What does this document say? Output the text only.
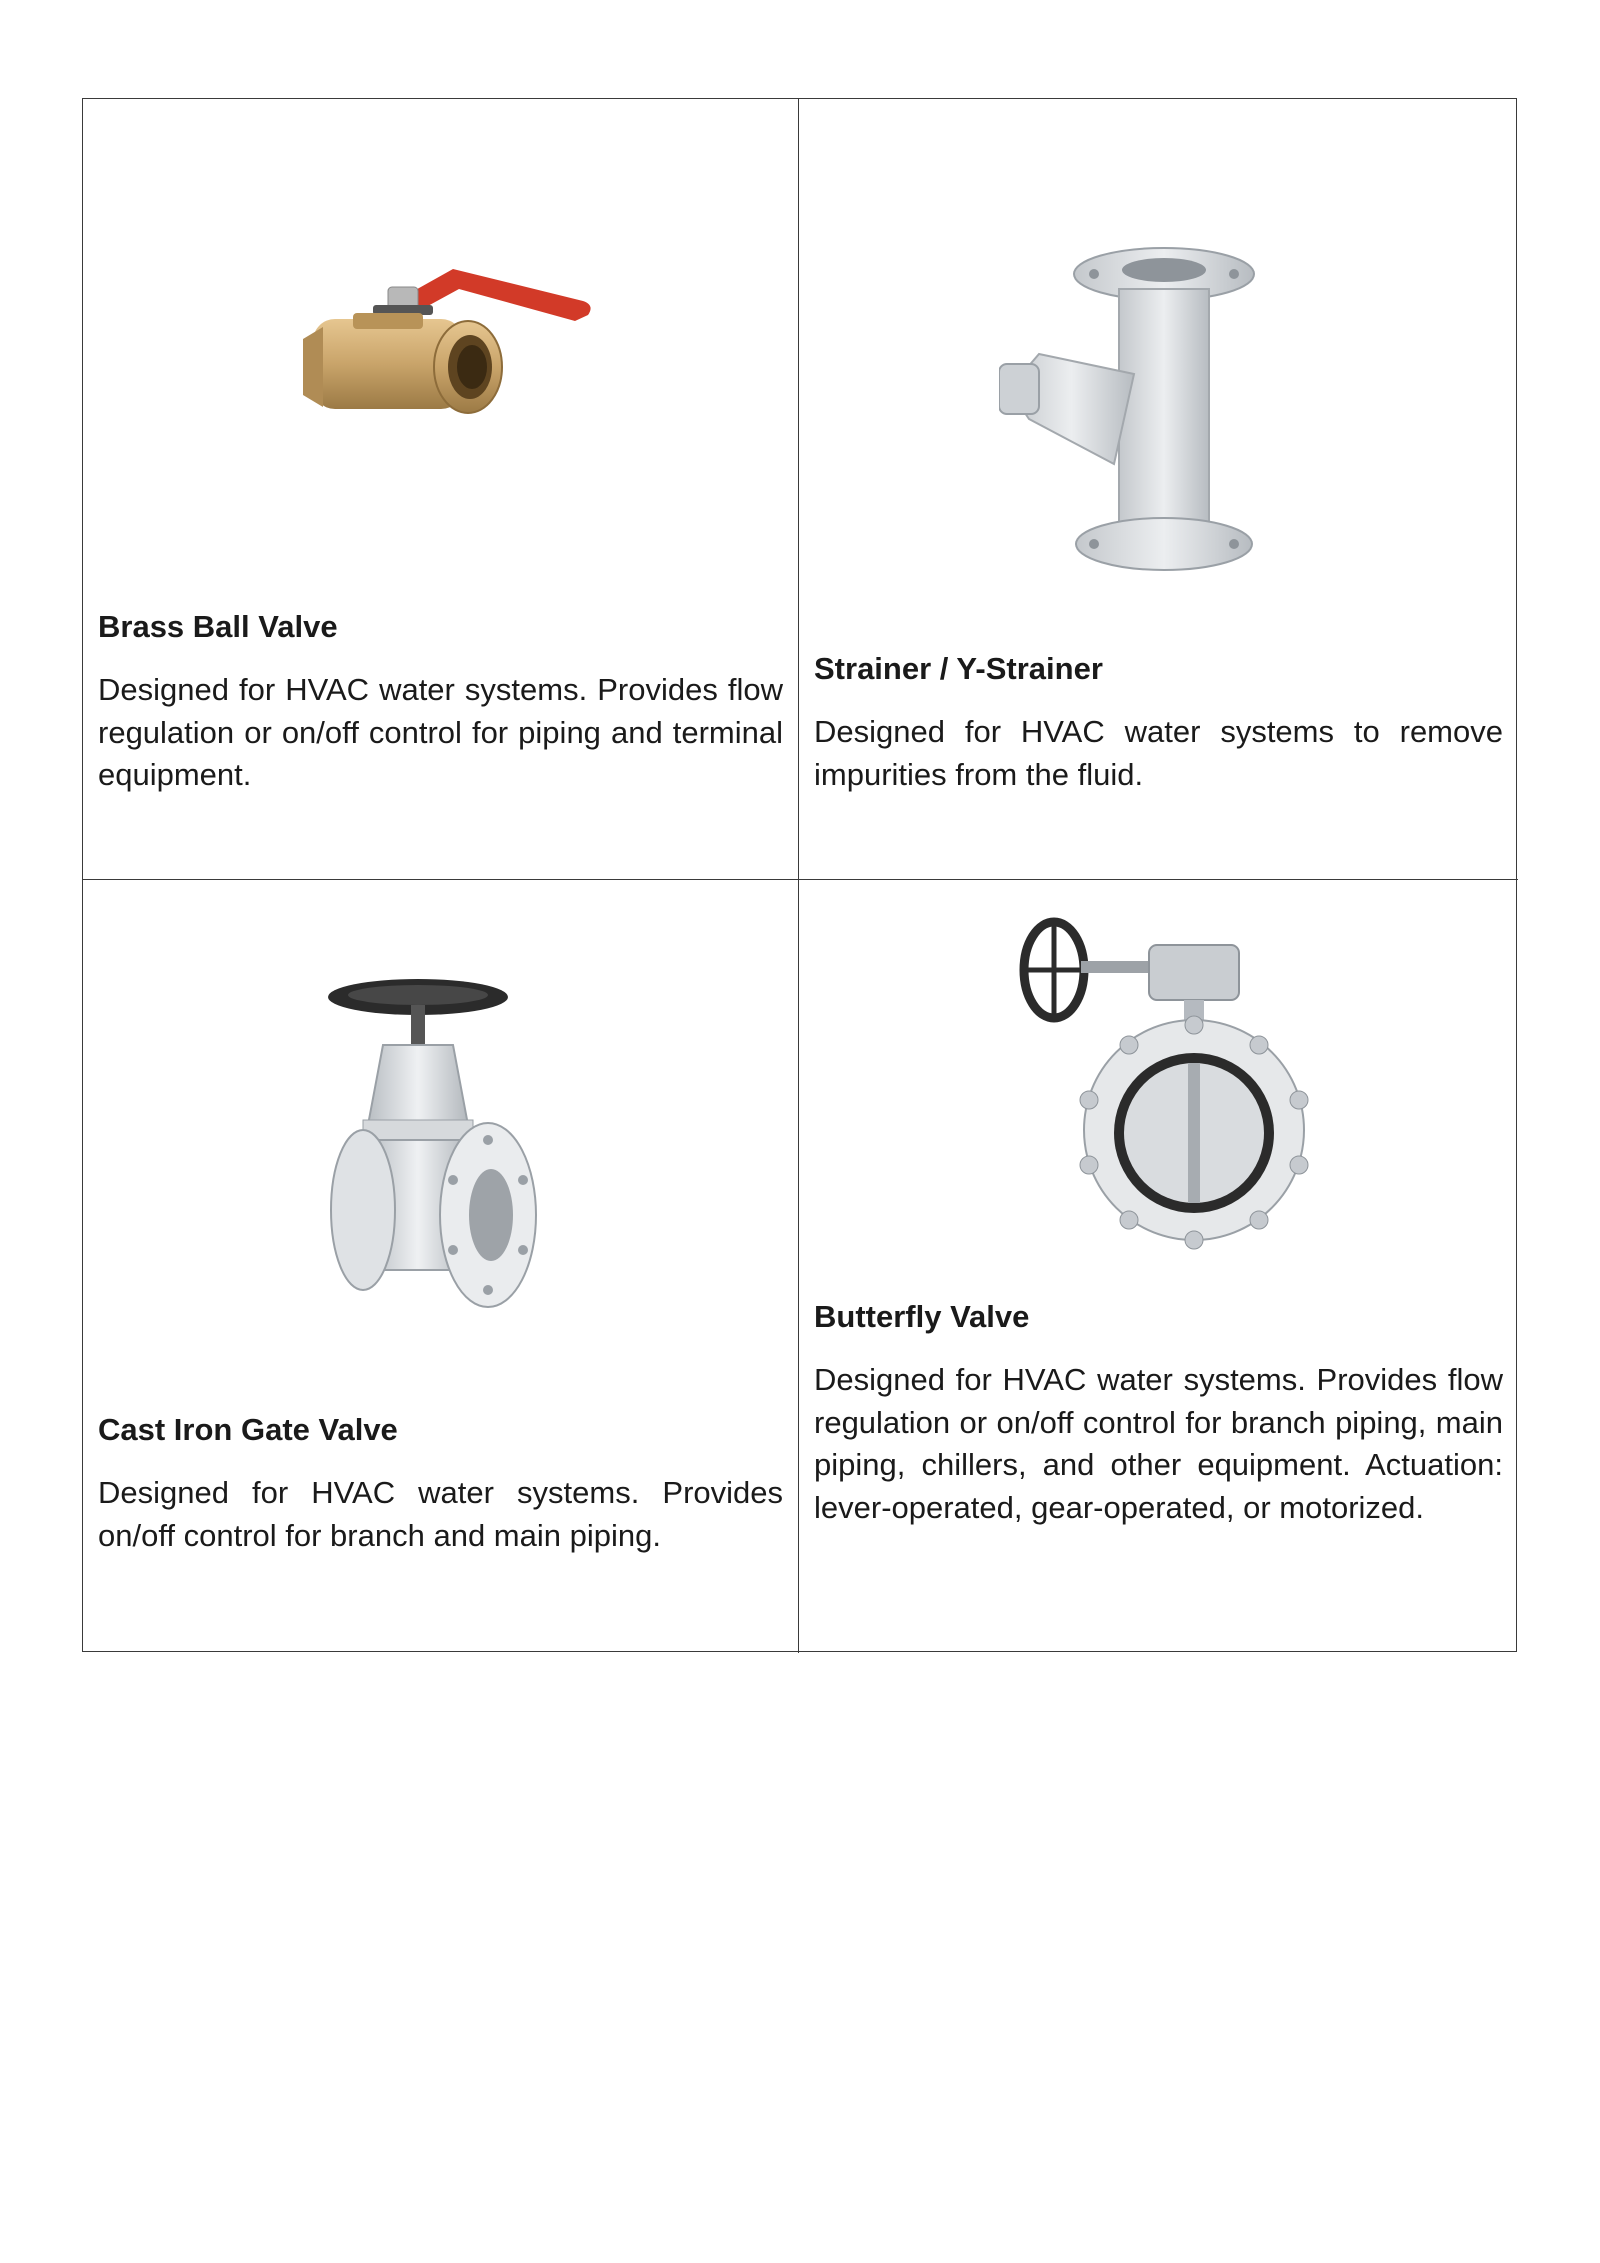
Brass Ball Valve

Designed for HVAC water systems. Provides flow regulation or on/off control for piping and terminal equipment.

Strainer / Y-Strainer

Designed for HVAC water systems to remove impurities from the fluid.

Cast Iron Gate Valve

Designed for HVAC water systems. Provides on/off control for branch and main piping.

Butterfly Valve

Designed for HVAC water systems. Provides flow regulation or on/off control for branch piping, main piping, chillers, and other equipment. Actuation: lever-operated, gear-operated, or motorized.
